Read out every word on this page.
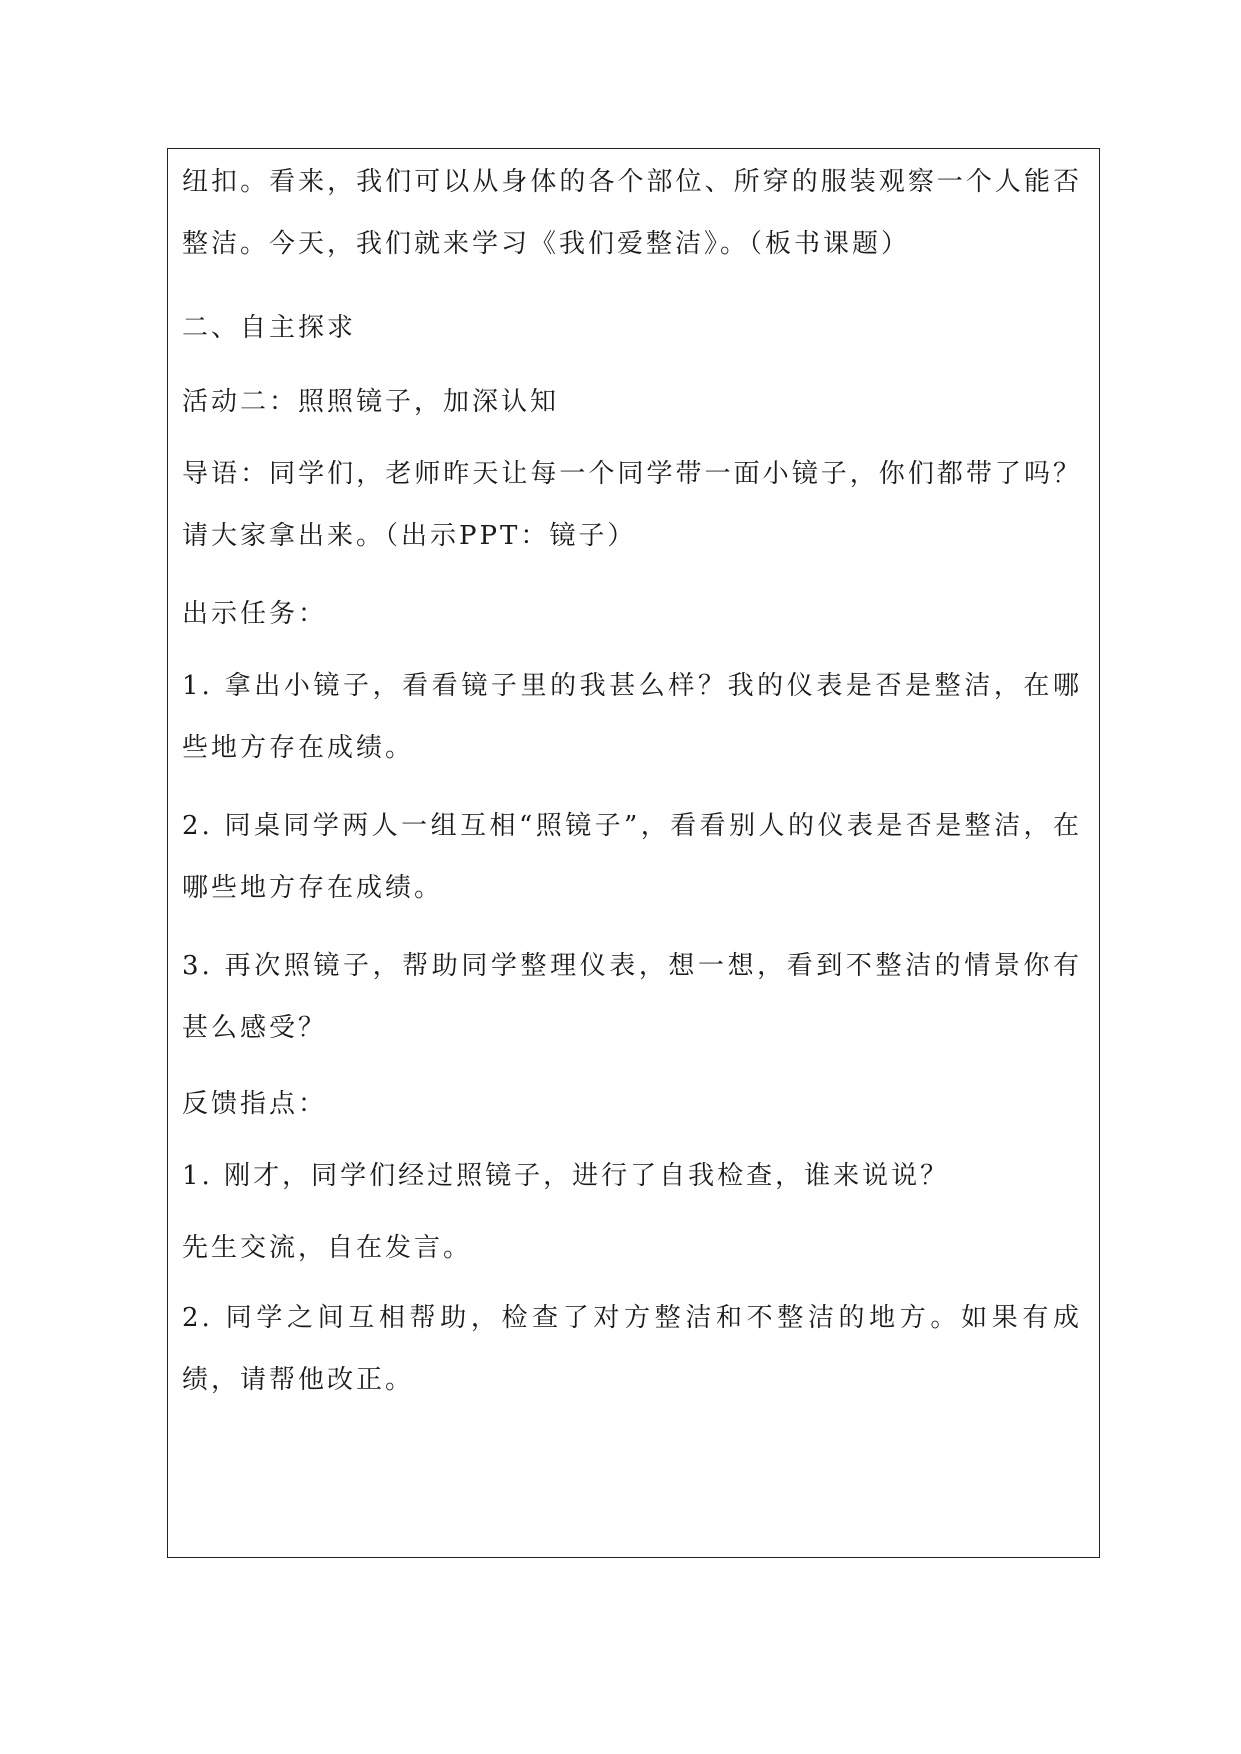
纽扣。看来，我们可以从身体的各个部位、所穿的服装观察一个人能否整洁。今天，我们就来学习《我们爱整洁》。（板书课题）

二、自主探求

活动二：照照镜子，加深认知

导语：同学们，老师昨天让每一个同学带一面小镜子，你们都带了吗？请大家拿出来。（出示PPT：镜子）

出示任务：

1. 拿出小镜子，看看镜子里的我甚么样？我的仪表是否是整洁，在哪些地方存在成绩。

2. 同桌同学两人一组互相“照镜子”，看看别人的仪表是否是整洁，在哪些地方存在成绩。

3. 再次照镜子，帮助同学整理仪表，想一想，看到不整洁的情景你有甚么感受？

反馈指点：

1. 刚才，同学们经过照镜子，进行了自我检查，谁来说说？

先生交流，自在发言。

2. 同学之间互相帮助，检查了对方整洁和不整洁的地方。如果有成绩，请帮他改正。
